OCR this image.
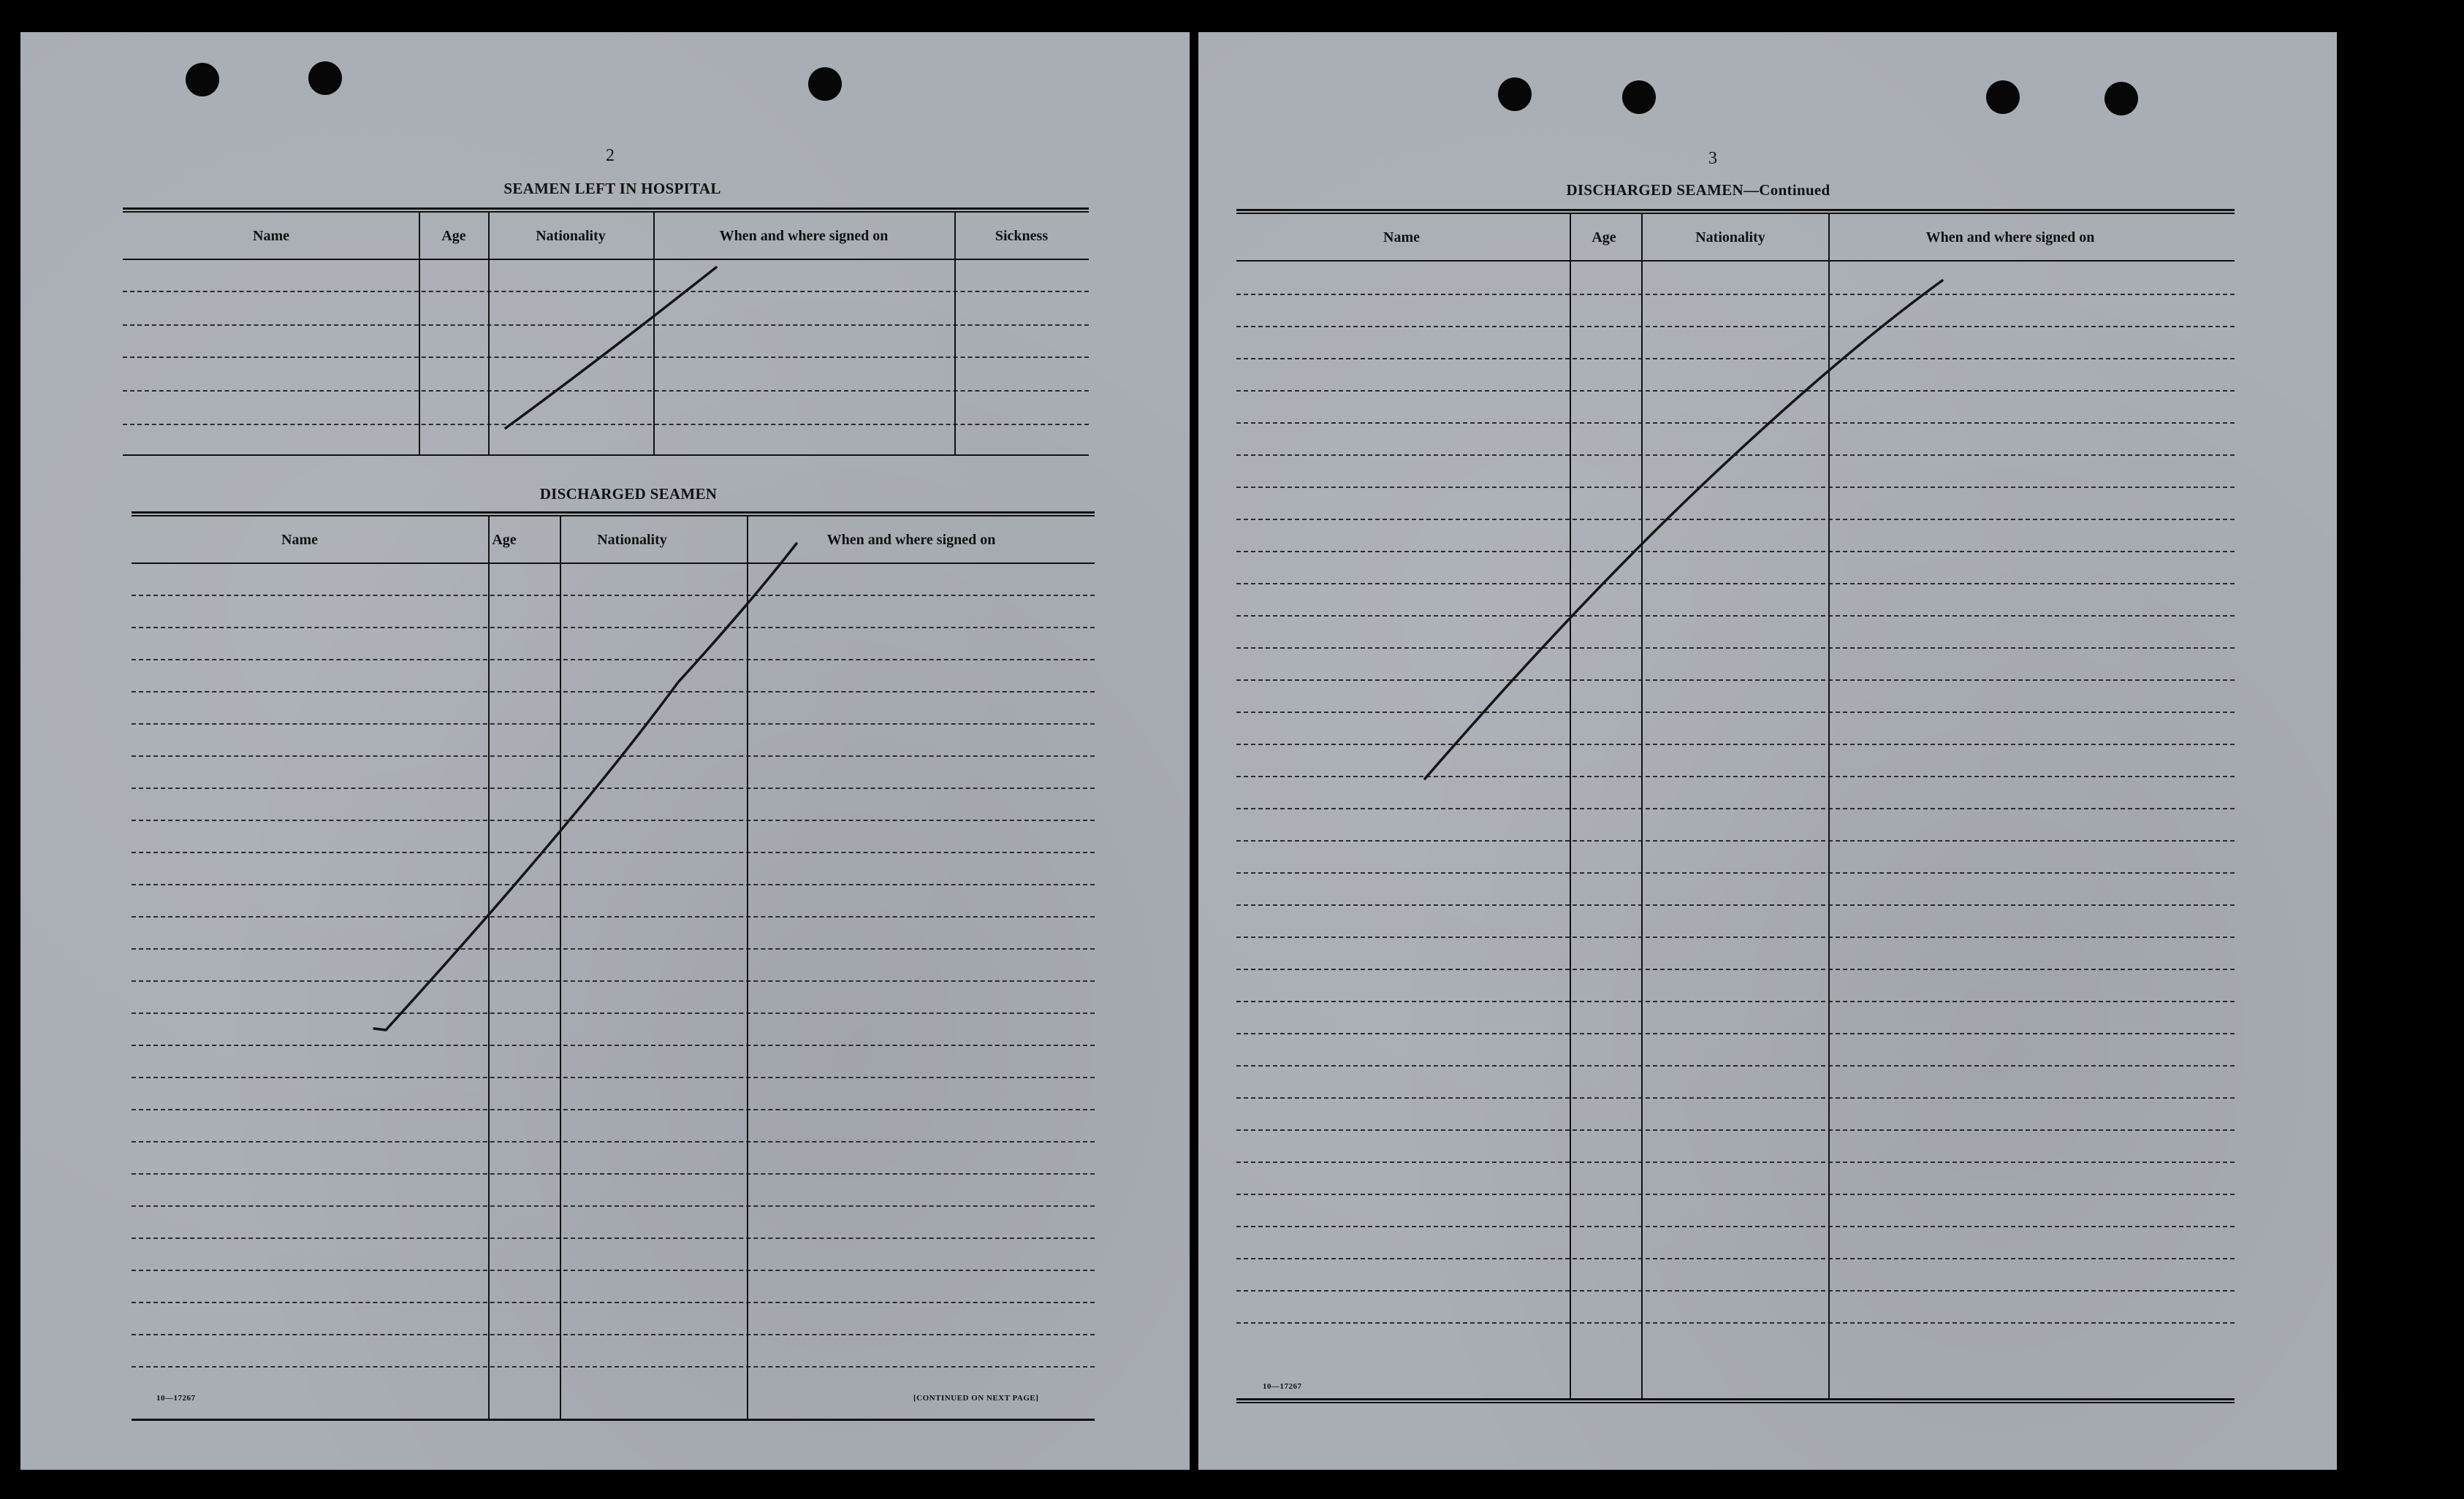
2
SEAMEN LEFT IN HOSPITAL
Name	Age	Nationality	When and where signed on	Sickness
DISCHARGED SEAMEN
Name	Age	Nationality	When and where signed on
10—17267	[CONTINUED ON NEXT PAGE]
3
DISCHARGED SEAMEN—Continued
Name	Age	Nationality	When and where signed on
10—17267
